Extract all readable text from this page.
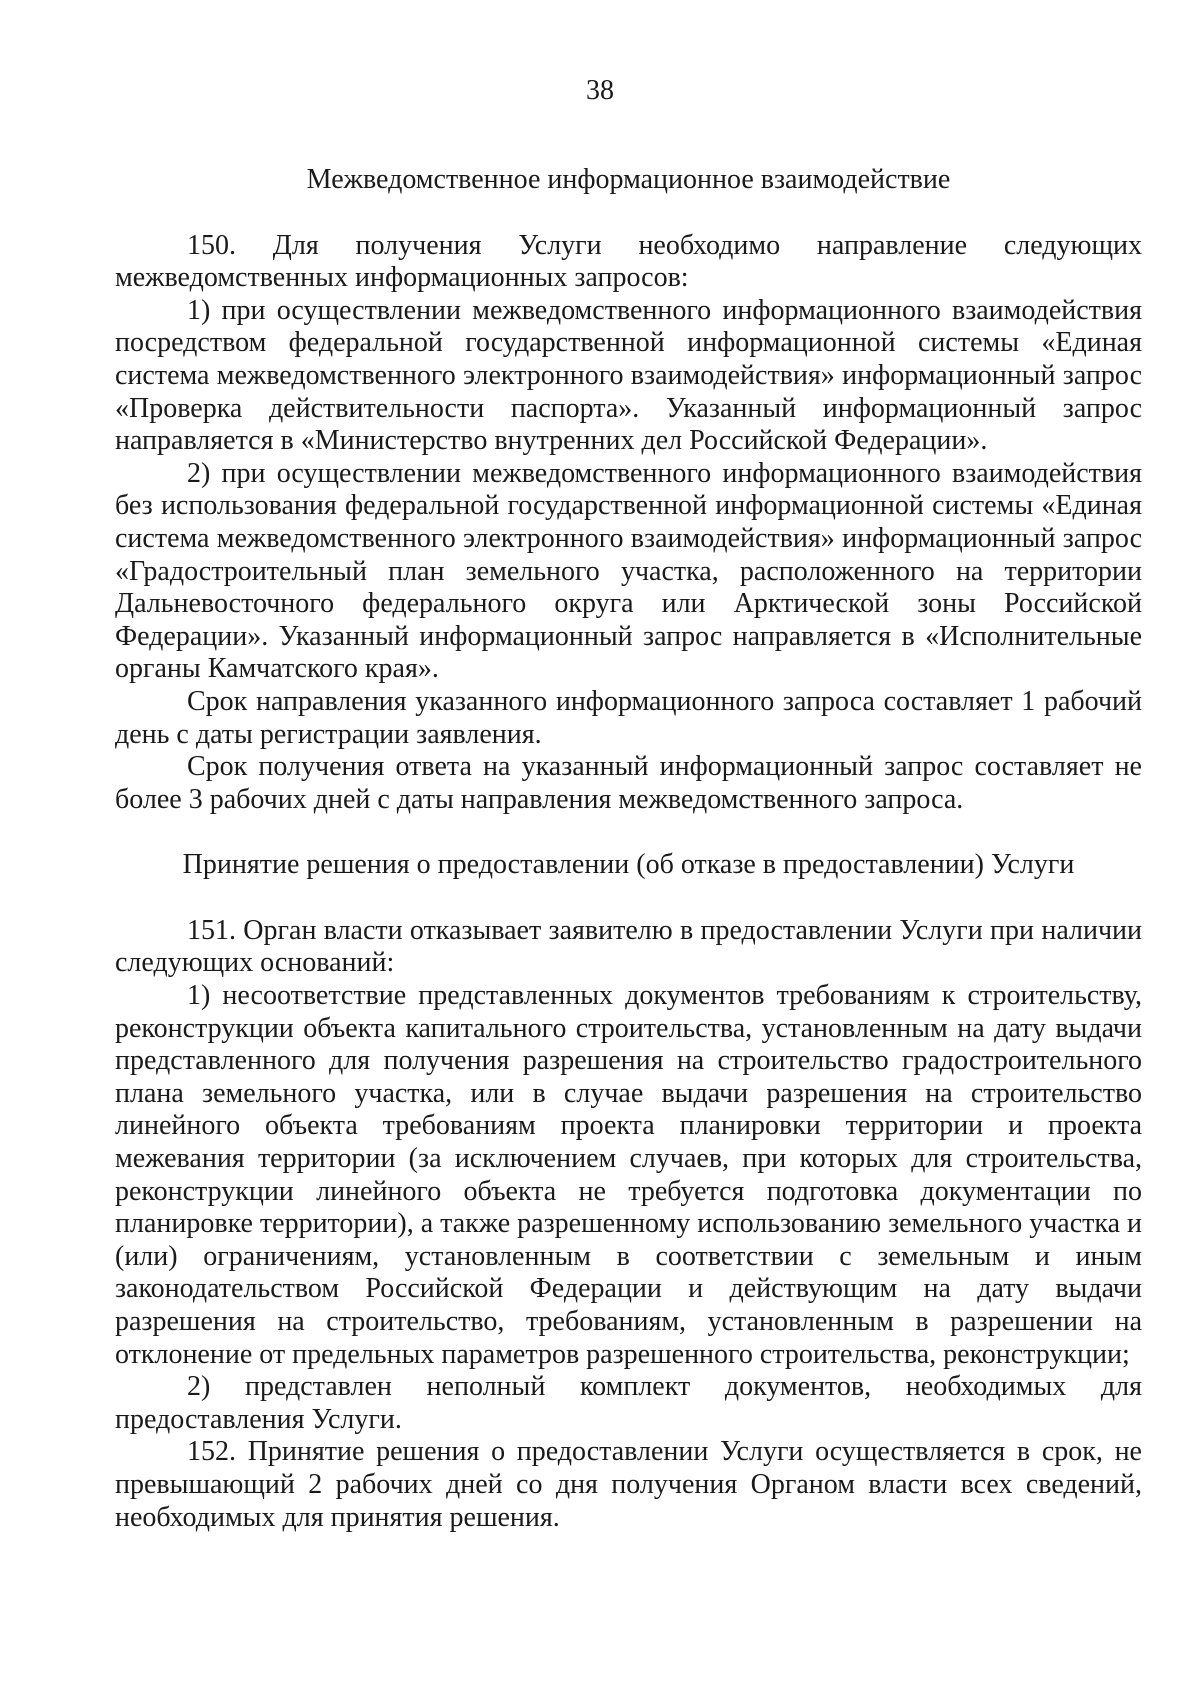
38

Межведомственное информационное взаимодействие

150. Для получения Услуги необходимо направление следующих межведомственных информационных запросов:

1) при осуществлении межведомственного информационного взаимодействия посредством федеральной государственной информационной системы «Единая система межведомственного электронного взаимодействия» информационный запрос «Проверка действительности паспорта». Указанный информационный запрос направляется в «Министерство внутренних дел Российской Федерации».

2) при осуществлении межведомственного информационного взаимодействия без использования федеральной государственной информационной системы «Единая система межведомственного электронного взаимодействия» информационный запрос «Градостроительный план земельного участка, расположенного на территории Дальневосточного федерального округа или Арктической зоны Российской Федерации». Указанный информационный запрос направляется в «Исполнительные органы Камчатского края».

Срок направления указанного информационного запроса составляет 1 рабочий день с даты регистрации заявления.

Срок получения ответа на указанный информационный запрос составляет не более 3 рабочих дней с даты направления межведомственного запроса.

Принятие решения о предоставлении (об отказе в предоставлении) Услуги

151. Орган власти отказывает заявителю в предоставлении Услуги при наличии следующих оснований:

1) несоответствие представленных документов требованиям к строительству, реконструкции объекта капитального строительства, установленным на дату выдачи представленного для получения разрешения на строительство градостроительного плана земельного участка, или в случае выдачи разрешения на строительство линейного объекта требованиям проекта планировки территории и проекта межевания территории (за исключением случаев, при которых для строительства, реконструкции линейного объекта не требуется подготовка документации по планировке территории), а также разрешенному использованию земельного участка и (или) ограничениям, установленным в соответствии с земельным и иным законодательством Российской Федерации и действующим на дату выдачи разрешения на строительство, требованиям, установленным в разрешении на отклонение от предельных параметров разрешенного строительства, реконструкции;

2) представлен неполный комплект документов, необходимых для предоставления Услуги.

152. Принятие решения о предоставлении Услуги осуществляется в срок, не превышающий 2 рабочих дней со дня получения Органом власти всех сведений, необходимых для принятия решения.
